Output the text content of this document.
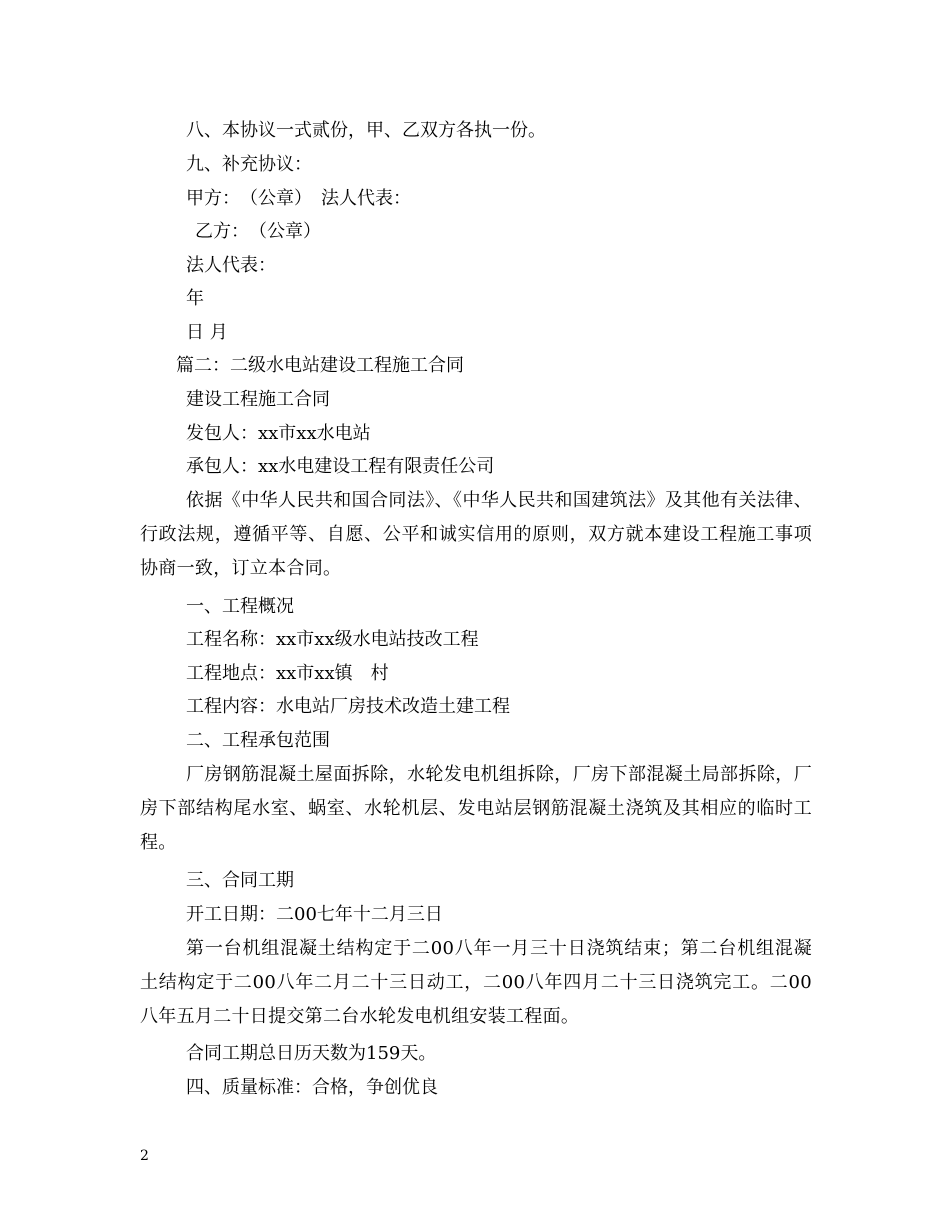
八、本协议一式贰份，甲、乙双方各执一份。
九、补充协议：
甲方：　（公章）　法人代表：
乙方：　（公章）
法人代表：
年
日 月
篇二：二级水电站建设工程施工合同
建设工程施工合同
发包人：xx市xx水电站
承包人：xx水电建设工程有限责任公司
依据《中华人民共和国合同法》、《中华人民共和国建筑法》及其他有关法律、行政法规，遵循平等、自愿、公平和诚实信用的原则，双方就本建设工程施工事项协商一致，订立本合同。
一、工程概况
工程名称：xx市xx级水电站技改工程
工程地点：xx市xx镇　村
工程内容：水电站厂房技术改造土建工程
二、工程承包范围
厂房钢筋混凝土屋面拆除，水轮发电机组拆除，厂房下部混凝土局部拆除，厂房下部结构尾水室、蜗室、水轮机层、发电站层钢筋混凝土浇筑及其相应的临时工程。
三、合同工期
开工日期：二00七年十二月三日
第一台机组混凝土结构定于二00八年一月三十日浇筑结束；第二台机组混凝土结构定于二00八年二月二十三日动工，二00八年四月二十三日浇筑完工。二00八年五月二十日提交第二台水轮发电机组安装工程面。
合同工期总日历天数为159天。
四、质量标准：合格，争创优良
2
